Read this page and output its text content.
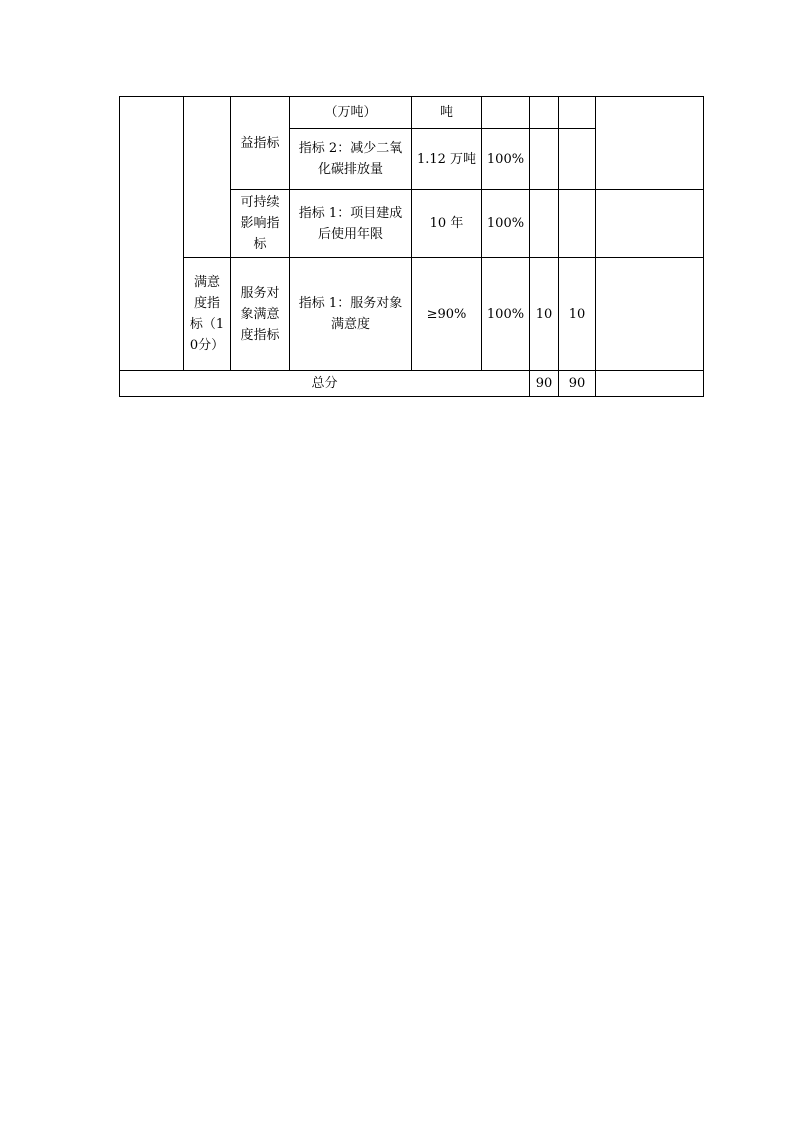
		益指标	（万吨）	吨				
			指标 2：减少二氧化碳排放量	1.12 万吨	100%			
		可持续影响指标	指标 1：项目建成后使用年限	10 年	100%			
	满意度指标（10分）	服务对象满意度指标	指标 1：服务对象满意度	≥90%	100%	10	10	
总分						90	90	
